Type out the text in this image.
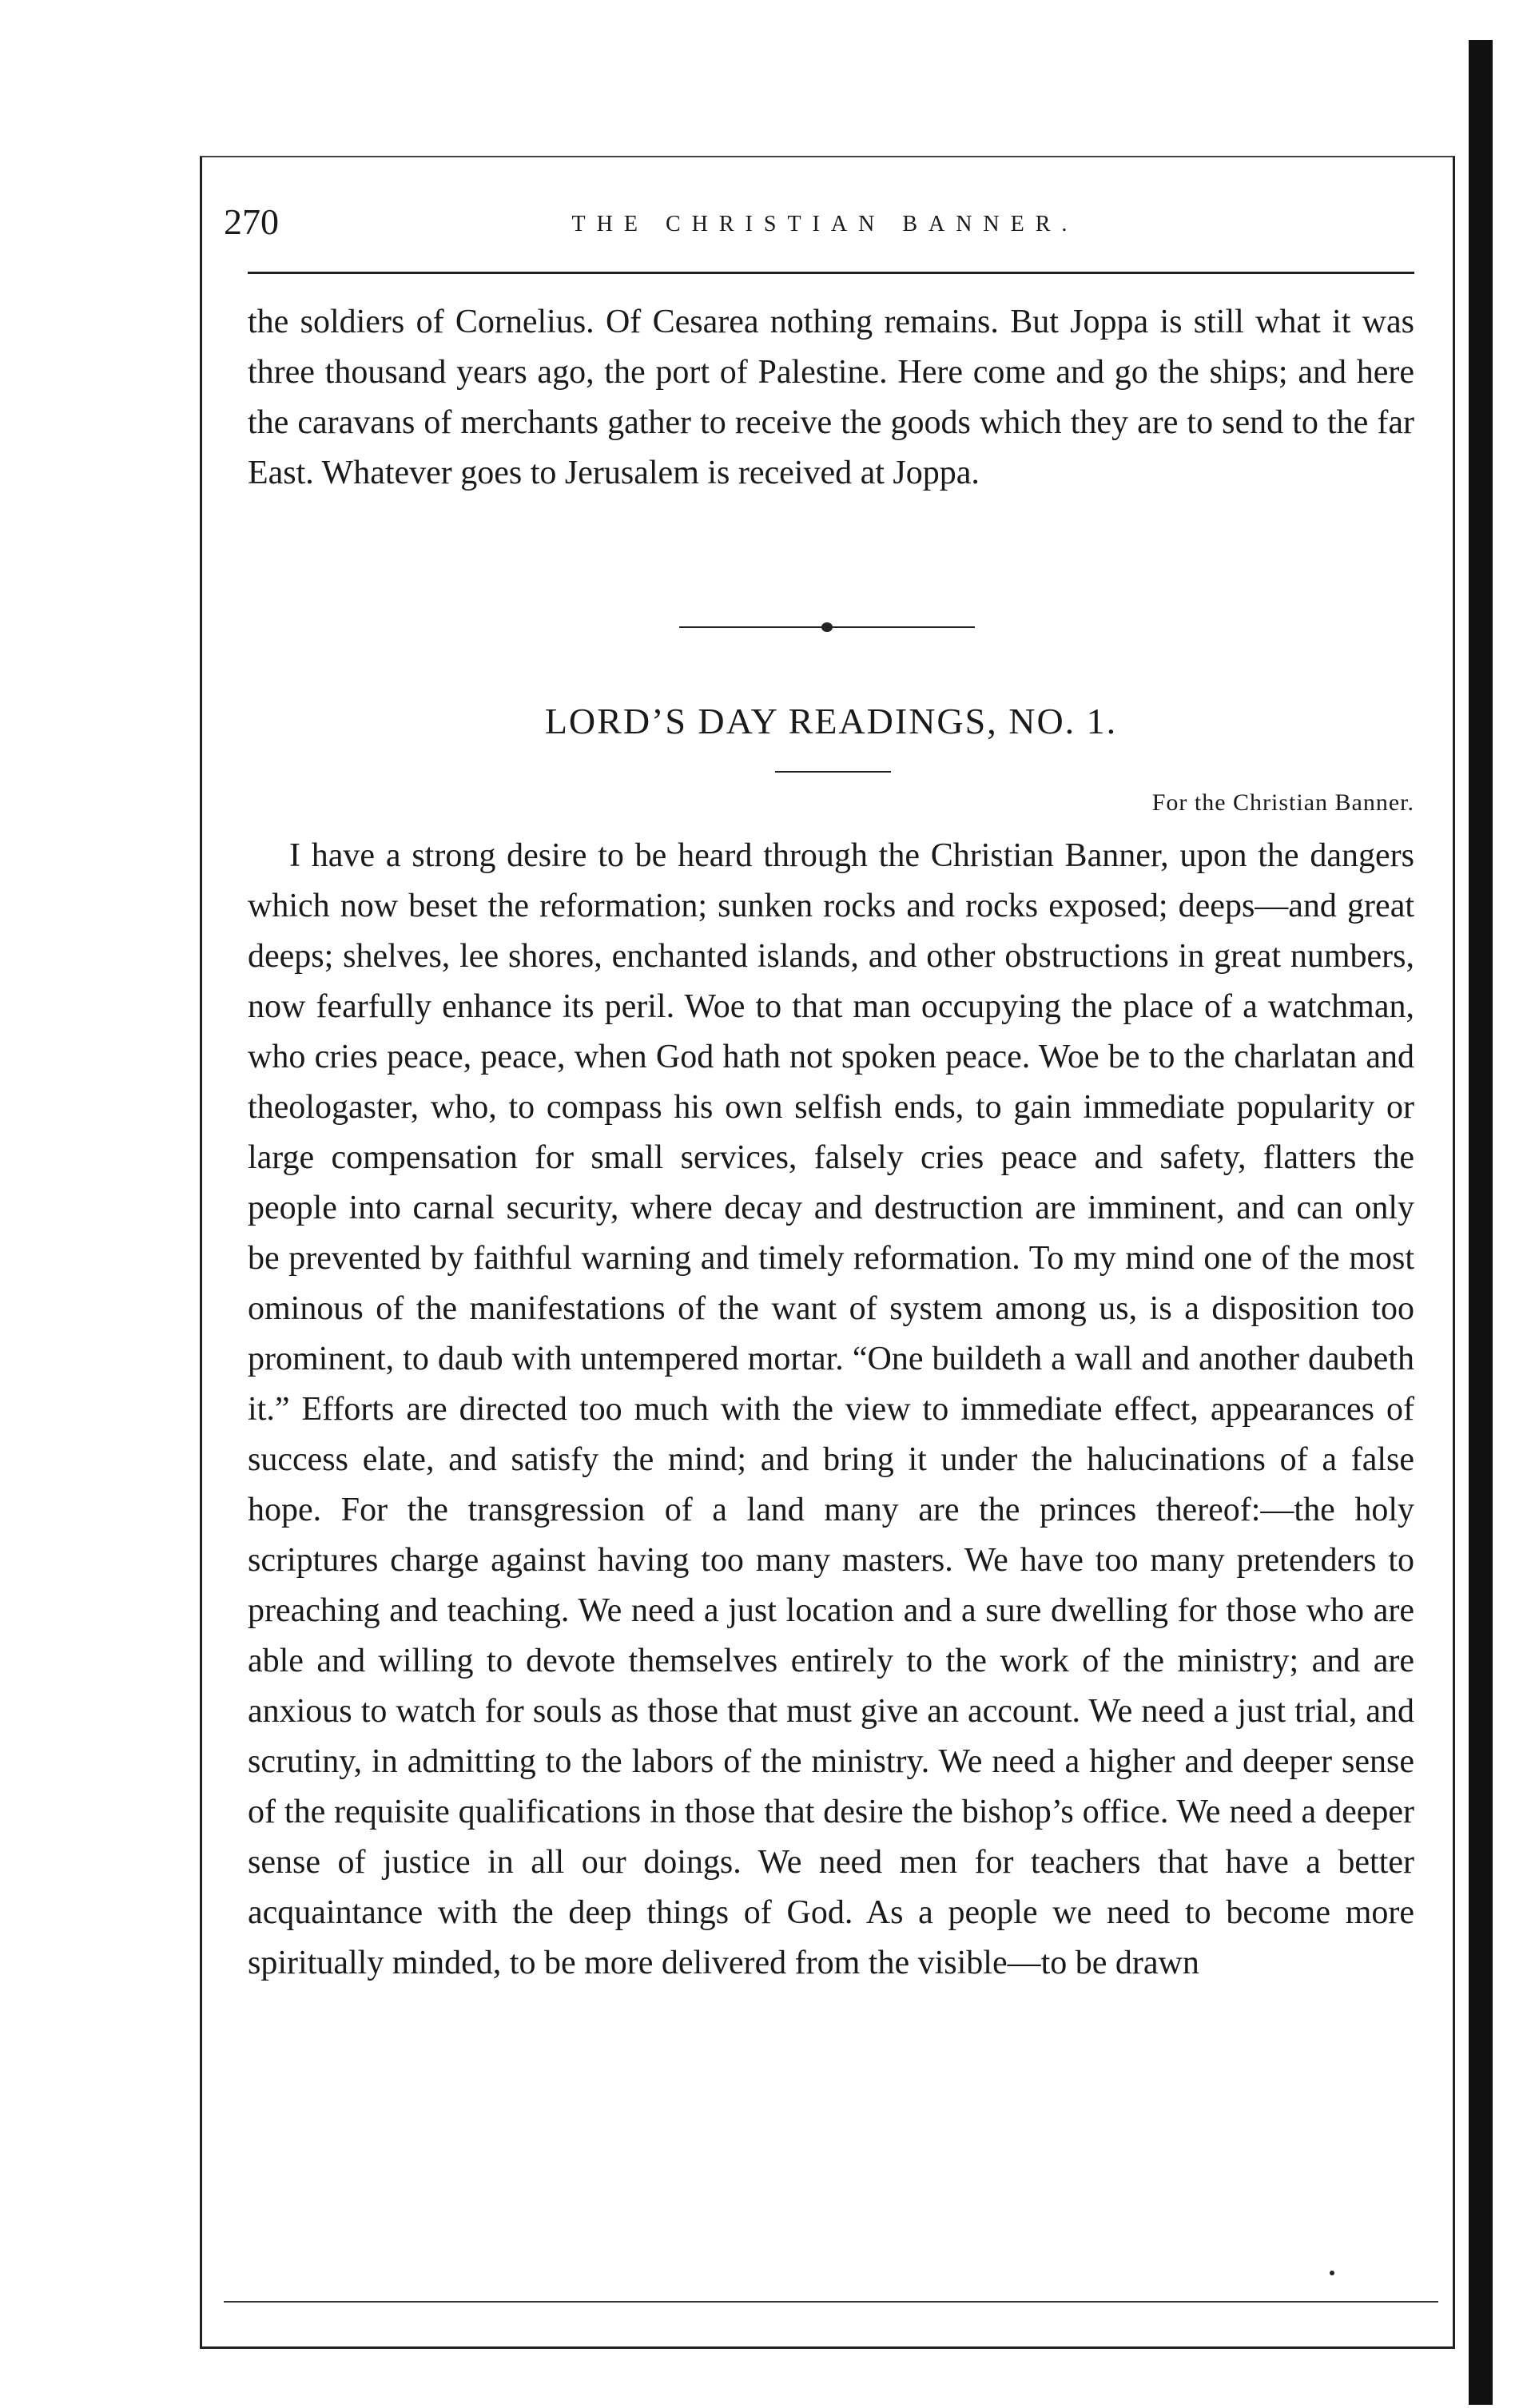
270	THE CHRISTIAN BANNER.
the soldiers of Cornelius. Of Cesarea nothing remains. But Joppa is still what it was three thousand years ago, the port of Palestine. Here come and go the ships; and here the caravans of merchants gather to receive the goods which they are to send to the far East. Whatever goes to Jerusalem is received at Joppa.
LORD’S DAY READINGS, NO. 1.
For the Christian Banner.

I have a strong desire to be heard through the Christian Banner, upon the dangers which now beset the reformation; sunken rocks and rocks exposed; deeps—and great deeps; shelves, lee shores, enchanted islands, and other obstructions in great numbers, now fearfully enhance its peril. Woe to that man occupying the place of a watchman, who cries peace, peace, when God hath not spoken peace. Woe be to the charlatan and theologaster, who, to compass his own selfish ends, to gain immediate popularity or large compensation for small services, falsely cries peace and safety, flatters the people into carnal security, where decay and destruction are imminent, and can only be prevented by faithful warning and timely reformation. To my mind one of the most ominous of the manifestations of the want of system among us, is a disposition too prominent, to daub with untempered mortar. “One buildeth a wall and another daubeth it.” Efforts are directed too much with the view to immediate effect, appearances of success elate, and satisfy the mind; and bring it under the halucinations of a false hope. For the transgression of a land many are the princes thereof:—the holy scriptures charge against having too many masters. We have too many pretenders to preaching and teaching. We need a just location and a sure dwelling for those who are able and willing to devote themselves entirely to the work of the ministry; and are anxious to watch for souls as those that must give an account. We need a just trial, and scrutiny, in admitting to the labors of the ministry. We need a higher and deeper sense of the requisite qualifications in those that desire the bishop’s office. We need a deeper sense of justice in all our doings. We need men for teachers that have a better acquaintance with the deep things of God. As a people we need to become more spiritually minded, to be more delivered from the visible—to be drawn
